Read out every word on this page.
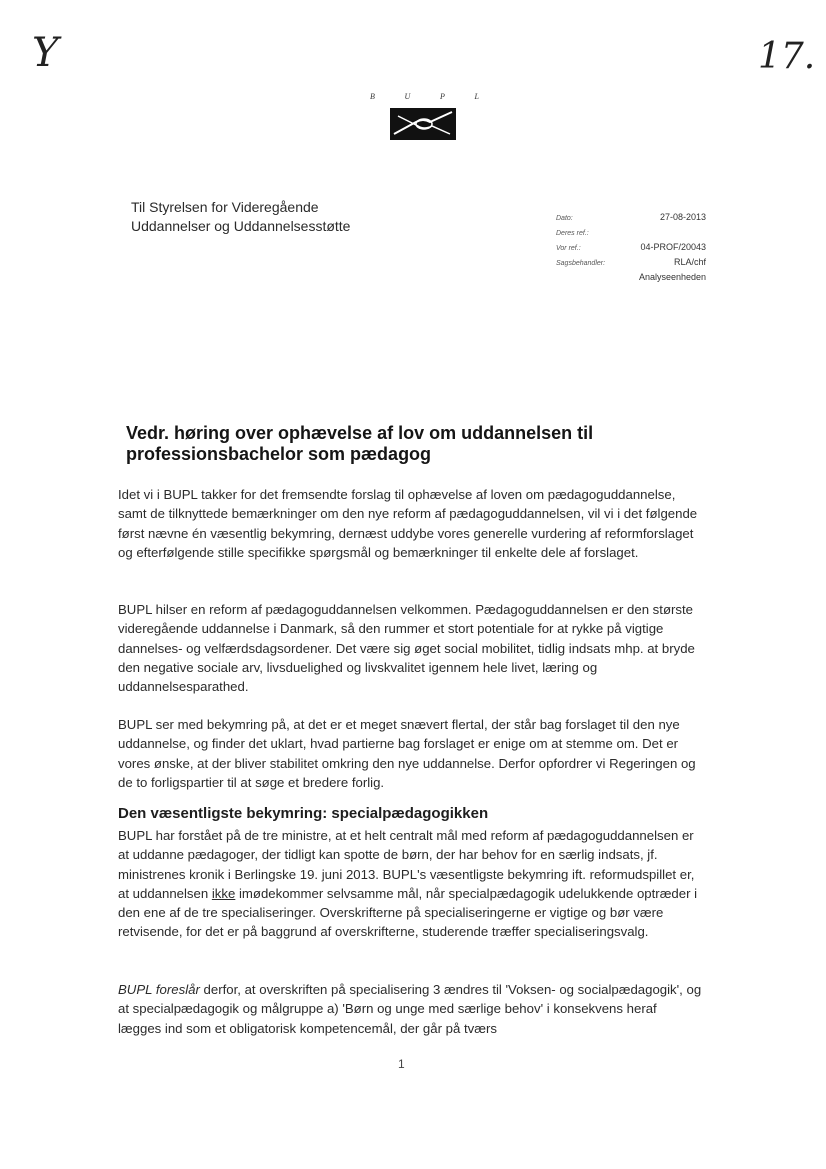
Y	17.
B	U	P	L
Til Styrelsen for Videregående
Uddannelser og Uddannelsesstøtte	Dato:	27-08-2013
Deres ref.:
Vor ref.:	04-PROF/20043
Sagsbehandler:	RLA/chf
Analyseenheden
Vedr. høring over ophævelse af lov om uddannelsen til professionsbachelor som pædagog
Idet vi i BUPL takker for det fremsendte forslag til ophævelse af loven om pædagoguddannelse, samt de tilknyttede bemærkninger om den nye reform af pædagoguddannelsen, vil vi i det følgende først nævne én væsentlig bekymring, dernæst uddybe vores generelle vurdering af reformforslaget og efterfølgende stille specifikke spørgsmål og bemærkninger til enkelte dele af forslaget.
BUPL hilser en reform af pædagoguddannelsen velkommen. Pædagoguddannelsen er den største videregående uddannelse i Danmark, så den rummer et stort potentiale for at rykke på vigtige dannelses- og velfærdsdagsordener. Det være sig øget social mobilitet, tidlig indsats mhp. at bryde den negative sociale arv, livsduelighed og livskvalitet igennem hele livet, læring og uddannelsesparathed.
BUPL ser med bekymring på, at det er et meget snævert flertal, der står bag forslaget til den nye uddannelse, og finder det uklart, hvad partierne bag forslaget er enige om at stemme om. Det er vores ønske, at der bliver stabilitet omkring den nye uddannelse. Derfor opfordrer vi Regeringen og de to forligspartier til at søge et bredere forlig.
Den væsentligste bekymring: specialpædagogikken
BUPL har forstået på de tre ministre, at et helt centralt mål med reform af pædagoguddannelsen er at uddanne pædagoger, der tidligt kan spotte de børn, der har behov for en særlig indsats, jf. ministrenes kronik i Berlingske 19. juni 2013. BUPL's væsentligste bekymring ift. reformudspillet er, at uddannelsen ikke imødekommer selvsamme mål, når specialpædagogik udelukkende optræder i den ene af de tre specialiseringer. Overskrifterne på specialiseringerne er vigtige og bør være retvisende, for det er på baggrund af overskrifterne, studerende træffer specialiseringsvalg.
BUPL foreslår derfor, at overskriften på specialisering 3 ændres til 'Voksen- og socialpædagogik', og at specialpædagogik og målgruppe a) 'Børn og unge med særlige behov' i konsekvens heraf lægges ind som et obligatorisk kompetencemål, der går på tværs
1
